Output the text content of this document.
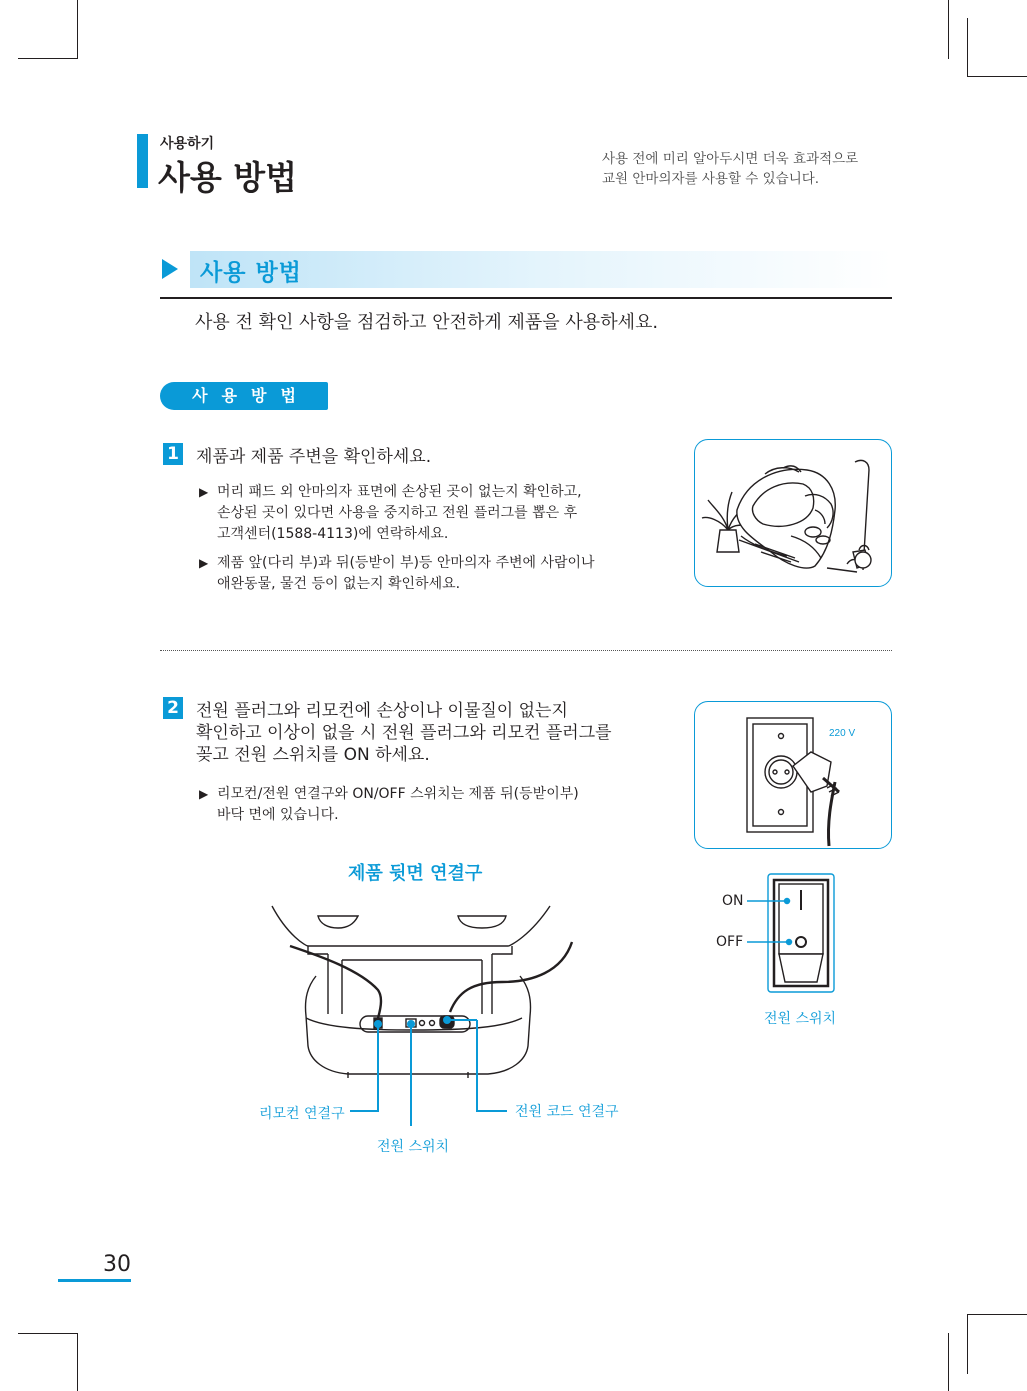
사용하기
사용 방법	사용 전에 미리 알아두시면 더욱 효과적으로
교원 안마의자를 사용할 수 있습니다.
사용 방법
사용 전 확인 사항을 점검하고 안전하게 제품을 사용하세요.
사용방법
1 제품과 제품 주변을 확인하세요.
▶ 머리 패드 외 안마의자 표면에 손상된 곳이 없는지 확인하고,
손상된 곳이 있다면 사용을 중지하고 전원 플러그를 뽑은 후
고객센터(1588-4113)에 연락하세요.
▶ 제품 앞(다리 부)과 뒤(등받이 부)등 안마의자 주변에 사람이나
애완동물, 물건 등이 없는지 확인하세요.
2 전원 플러그와 리모컨에 손상이나 이물질이 없는지
확인하고 이상이 없을 시 전원 플러그와 리모컨 플러그를
꽂고 전원 스위치를 ON 하세요.
▶ 리모컨/전원 연결구와 ON/OFF 스위치는 제품 뒤(등받이부)
바닥 면에 있습니다.
220 V
ON
OFF
전원 스위치
제품 뒷면 연결구
리모컨 연결구
전원 스위치
전원 코드 연결구
30
